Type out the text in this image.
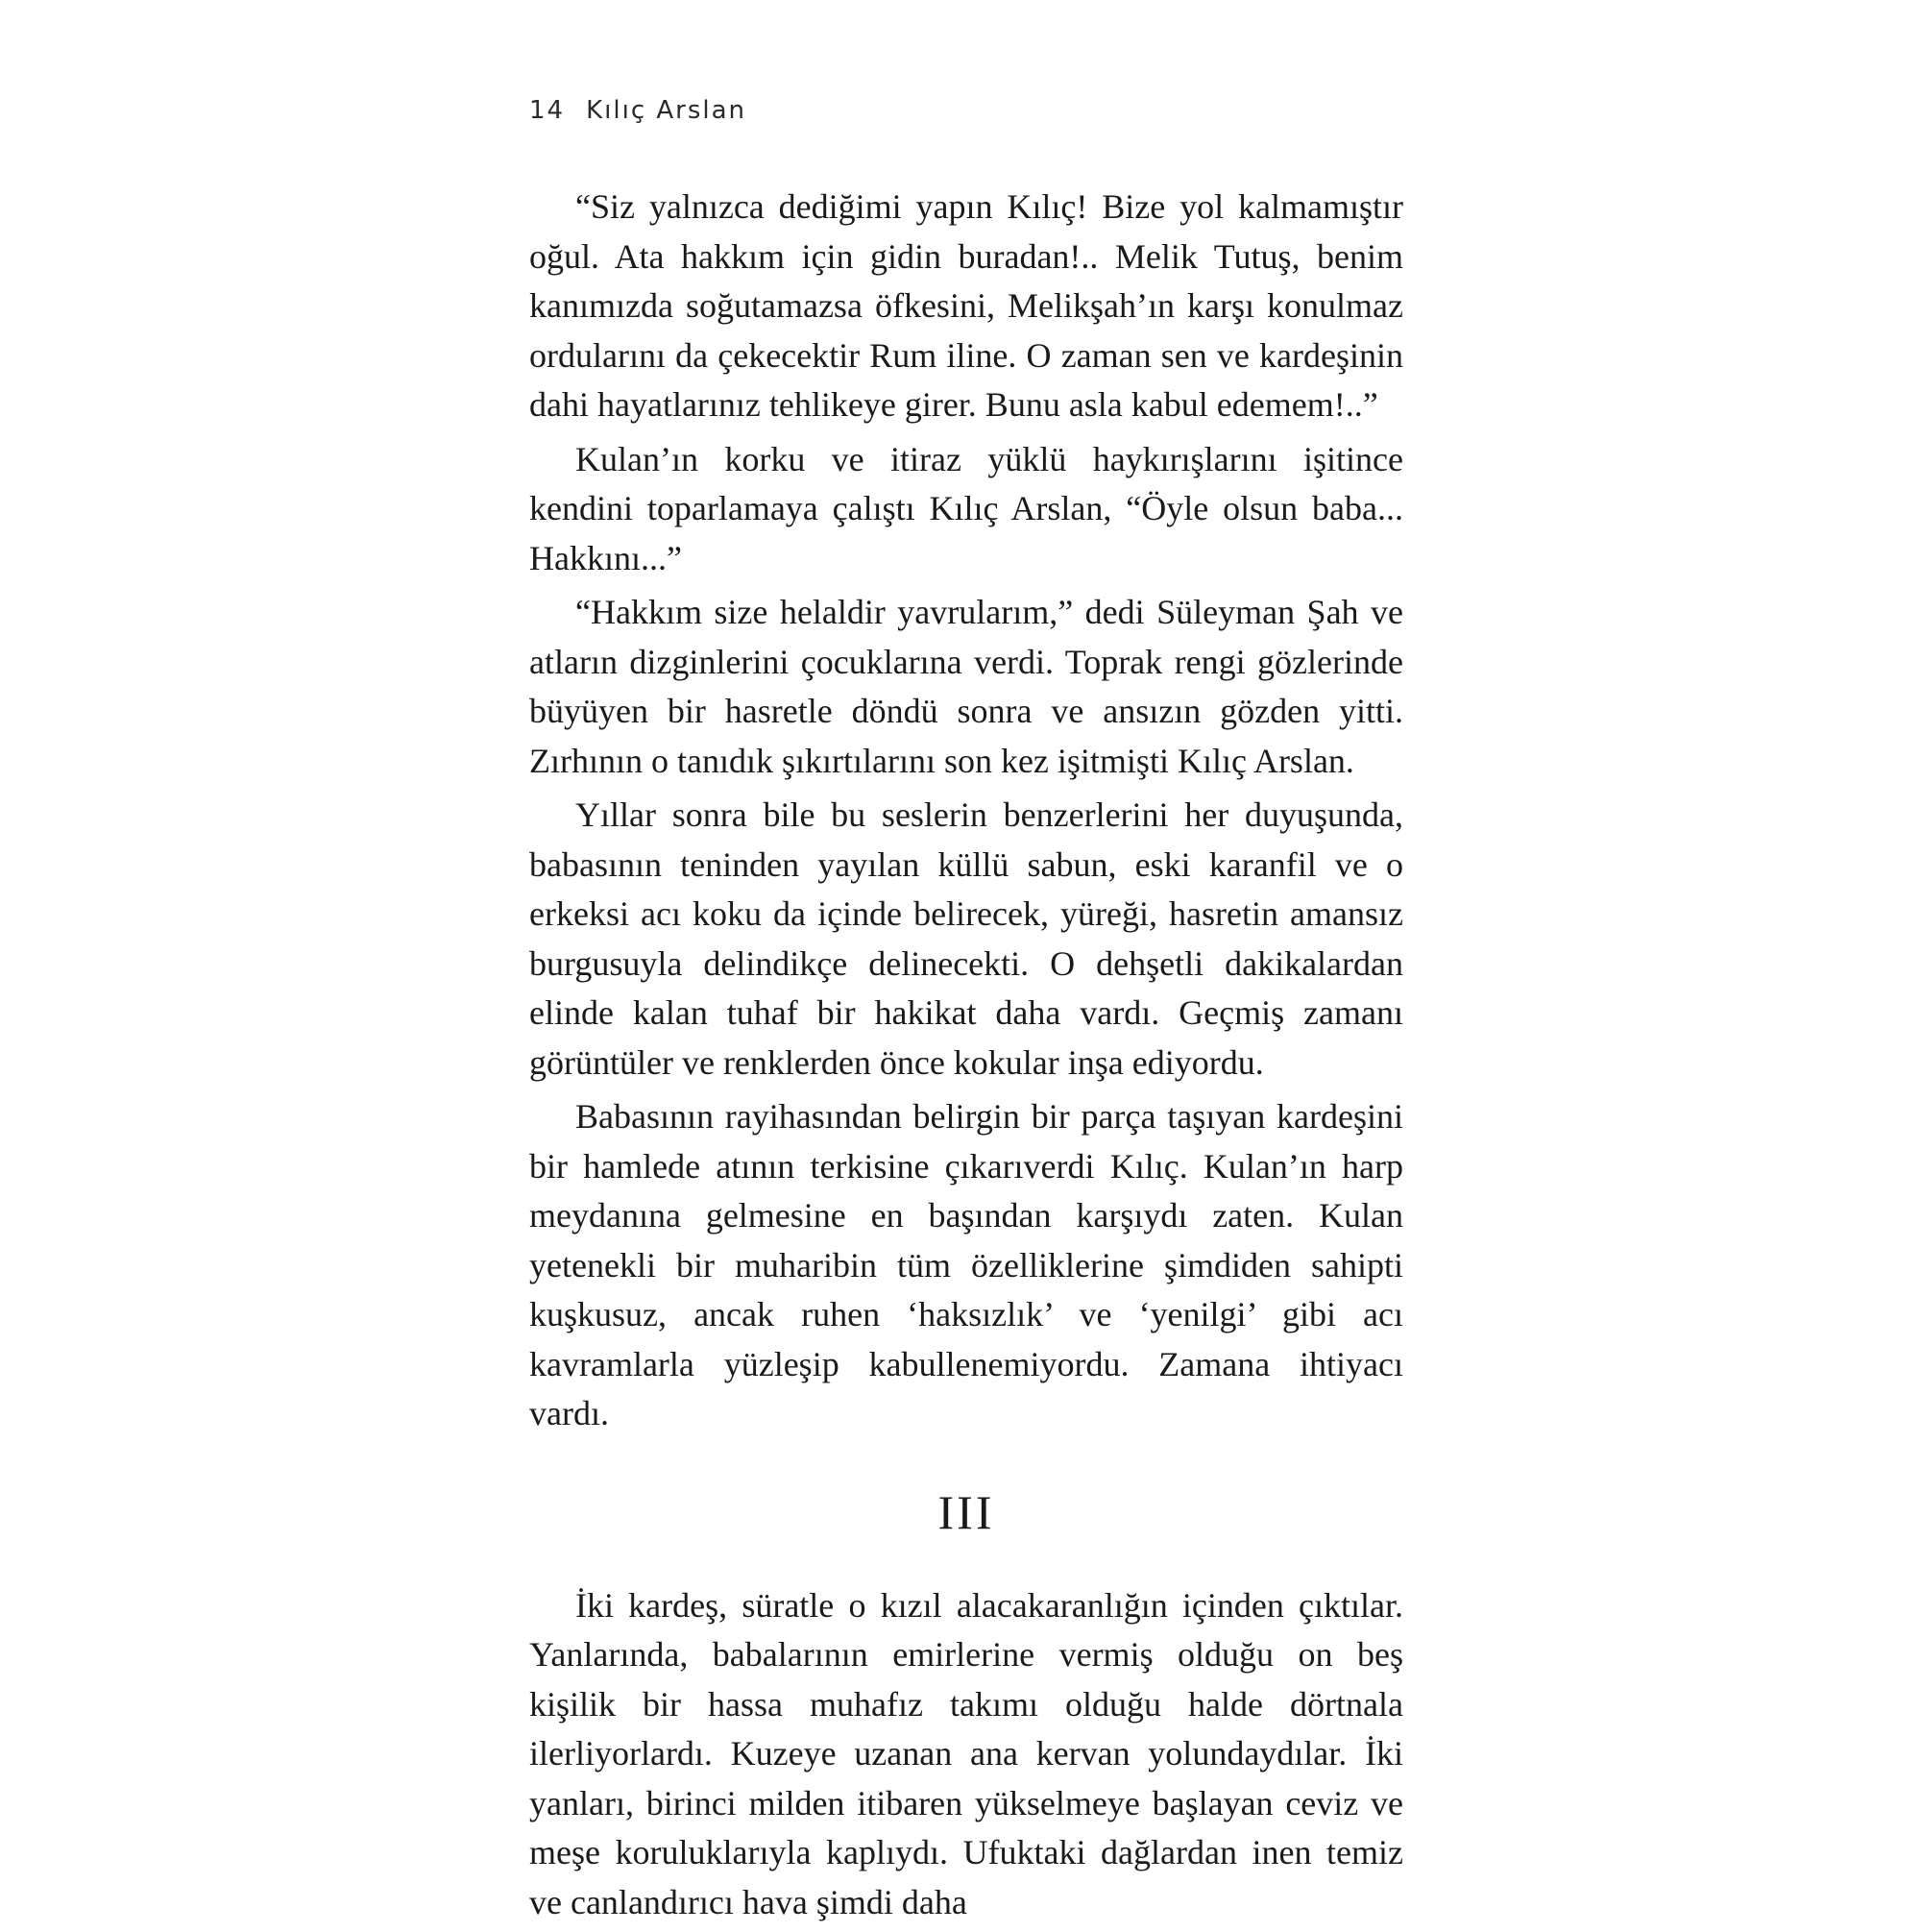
14 Kılıç Arslan

“Siz yalnızca dediğimi yapın Kılıç! Bize yol kalmamıştır oğul. Ata hakkım için gidin buradan!.. Melik Tutuş, benim kanımızda soğutamazsa öfkesini, Melikşah’ın karşı konulmaz ordularını da çekecektir Rum iline. O zaman sen ve kardeşinin dahi hayatlarınız tehlikeye girer. Bunu asla kabul edemem!..”

Kulan’ın korku ve itiraz yüklü haykırışlarını işitince kendini toparlamaya çalıştı Kılıç Arslan, “Öyle olsun baba... Hakkını...”

“Hakkım size helaldir yavrularım,” dedi Süleyman Şah ve atların dizginlerini çocuklarına verdi. Toprak rengi gözlerinde büyüyen bir hasretle döndü sonra ve ansızın gözden yitti. Zırhının o tanıdık şıkırtılarını son kez işitmişti Kılıç Arslan.

Yıllar sonra bile bu seslerin benzerlerini her duyuşunda, babasının teninden yayılan küllü sabun, eski karanfil ve o erkeksi acı koku da içinde belirecek, yüreği, hasretin amansız burgusuyla delindikçe delinecekti. O dehşetli dakikalardan elinde kalan tuhaf bir hakikat daha vardı. Geçmiş zamanı görüntüler ve renklerden önce kokular inşa ediyordu.

Babasının rayihasından belirgin bir parça taşıyan kardeşini bir hamlede atının terkisine çıkarıverdi Kılıç. Kulan’ın harp meydanına gelmesine en başından karşıydı zaten. Kulan yetenekli bir muharibin tüm özelliklerine şimdiden sahipti kuşkusuz, ancak ruhen ‘haksızlık’ ve ‘yenilgi’ gibi acı kavramlarla yüzleşip kabullenemiyordu. Zamana ihtiyacı vardı.

III

İki kardeş, süratle o kızıl alacakaranlığın içinden çıktılar. Yanlarında, babalarının emirlerine vermiş olduğu on beş kişilik bir hassa muhafız takımı olduğu halde dörtnala ilerliyorlardı. Kuzeye uzanan ana kervan yolundaydılar. İki yanları, birinci milden itibaren yükselmeye başlayan ceviz ve meşe koruluklarıyla kaplıydı. Ufuktaki dağlardan inen temiz ve canlandırıcı hava şimdi daha
